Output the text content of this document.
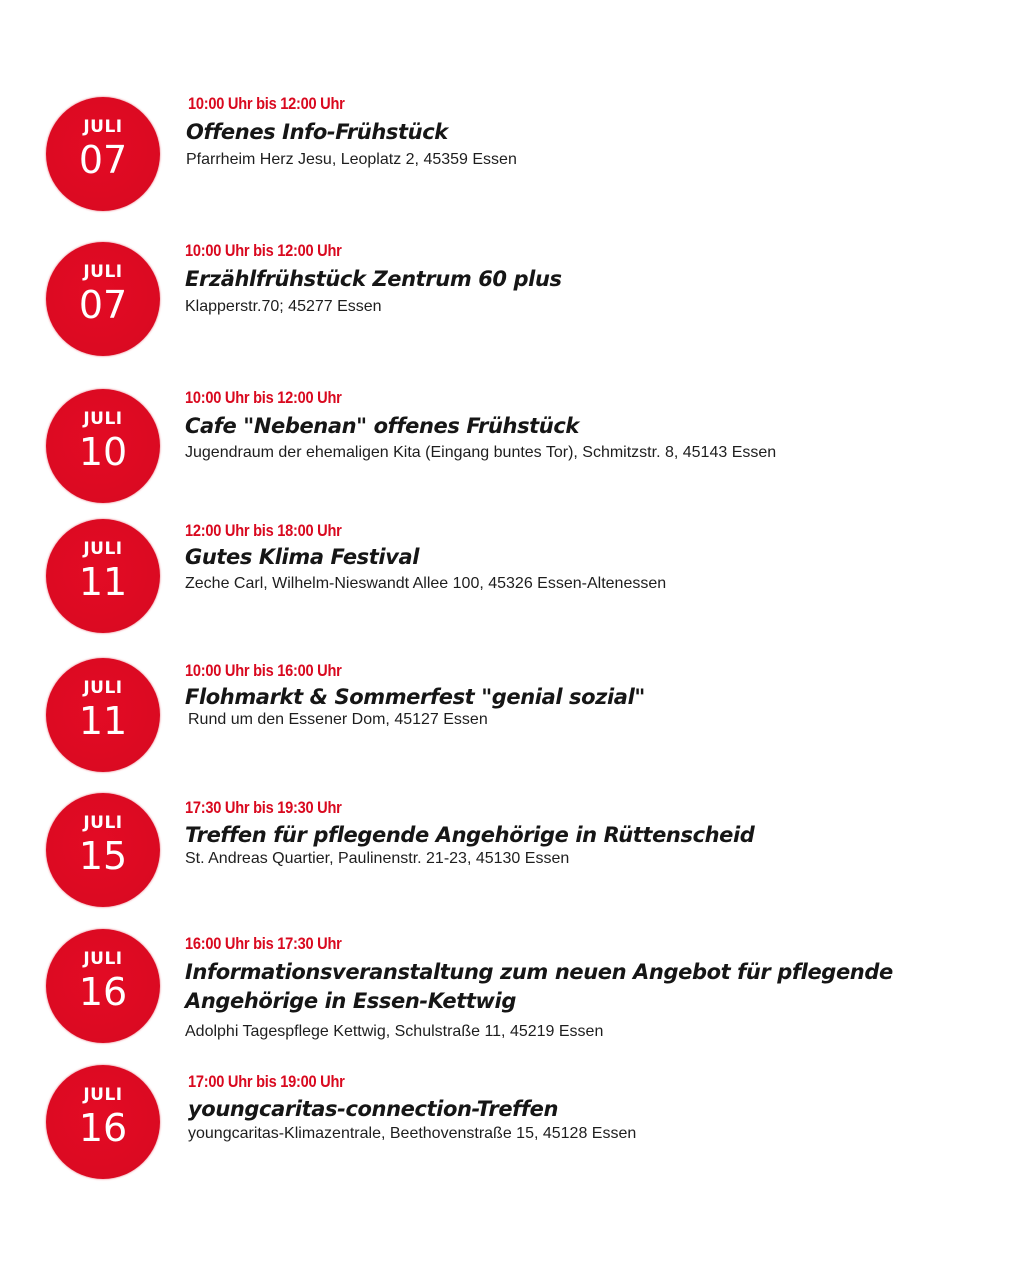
JULI
07
10:00 Uhr bis 12:00 Uhr
Offenes Info-Frühstück
Pfarrheim Herz Jesu, Leoplatz 2, 45359 Essen
JULI
07
10:00 Uhr bis 12:00 Uhr
Erzählfrühstück Zentrum 60 plus
Klapperstr.70; 45277 Essen
JULI
10
10:00 Uhr bis 12:00 Uhr
Cafe "Nebenan" offenes Frühstück
Jugendraum der ehemaligen Kita (Eingang buntes Tor), Schmitzstr. 8, 45143 Essen
JULI
11
12:00 Uhr bis 18:00 Uhr
Gutes Klima Festival
Zeche Carl, Wilhelm-Nieswandt Allee 100, 45326 Essen-Altenessen
JULI
11
10:00 Uhr bis 16:00 Uhr
Flohmarkt & Sommerfest "genial sozial"
Rund um den Essener Dom, 45127 Essen
JULI
15
17:30 Uhr bis 19:30 Uhr
Treffen für pflegende Angehörige in Rüttenscheid
St. Andreas Quartier, Paulinenstr. 21-23, 45130 Essen
JULI
16
16:00 Uhr bis 17:30 Uhr
Informationsveranstaltung zum neuen Angebot für pflegende
Angehörige in Essen-Kettwig
Adolphi Tagespflege Kettwig, Schulstraße 11, 45219 Essen
JULI
16
17:00 Uhr bis 19:00 Uhr
youngcaritas-connection-Treffen
youngcaritas-Klimazentrale, Beethovenstraße 15, 45128 Essen
